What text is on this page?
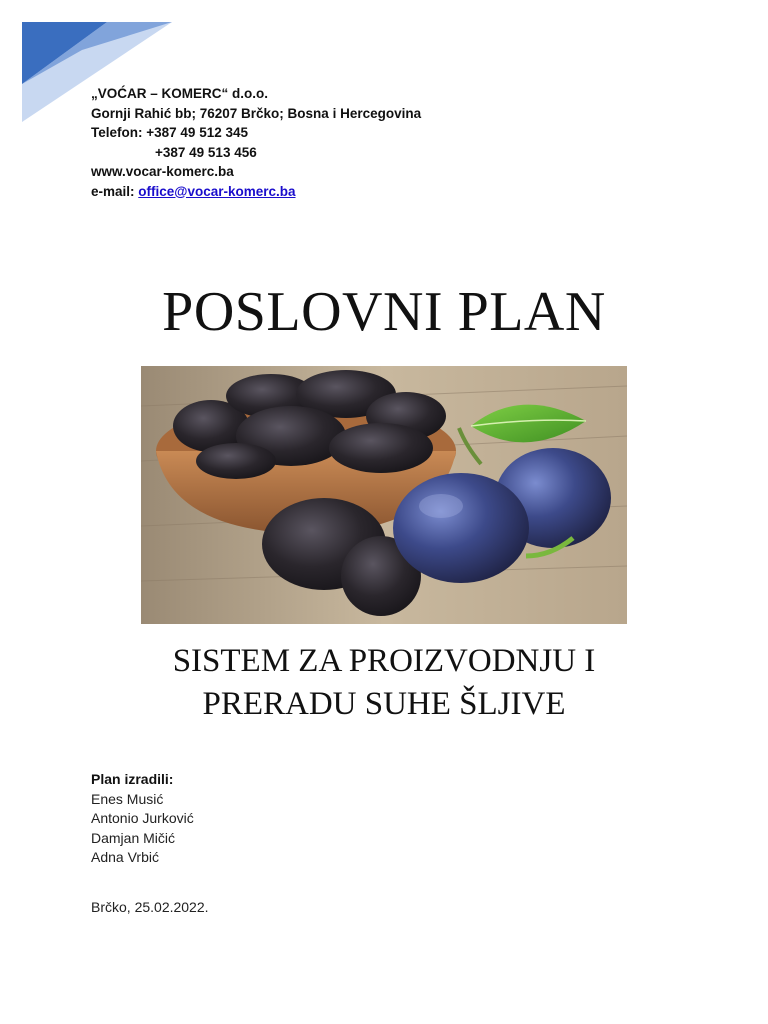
„VOĆAR – KOMERC“ d.o.o.
Gornji Rahić bb; 76207 Brčko; Bosna i Hercegovina
Telefon: +387 49 512 345
+387 49 513 456
www.vocar-komerc.ba
e-mail: office@vocar-komerc.ba
POSLOVNI PLAN
SISTEM ZA PROIZVODNJU I
PRERADU SUHE ŠLJIVE
Plan izradili:
Enes Musić
Antonio Jurković
Damjan Mičić
Adna Vrbić
Brčko, 25.02.2022.
